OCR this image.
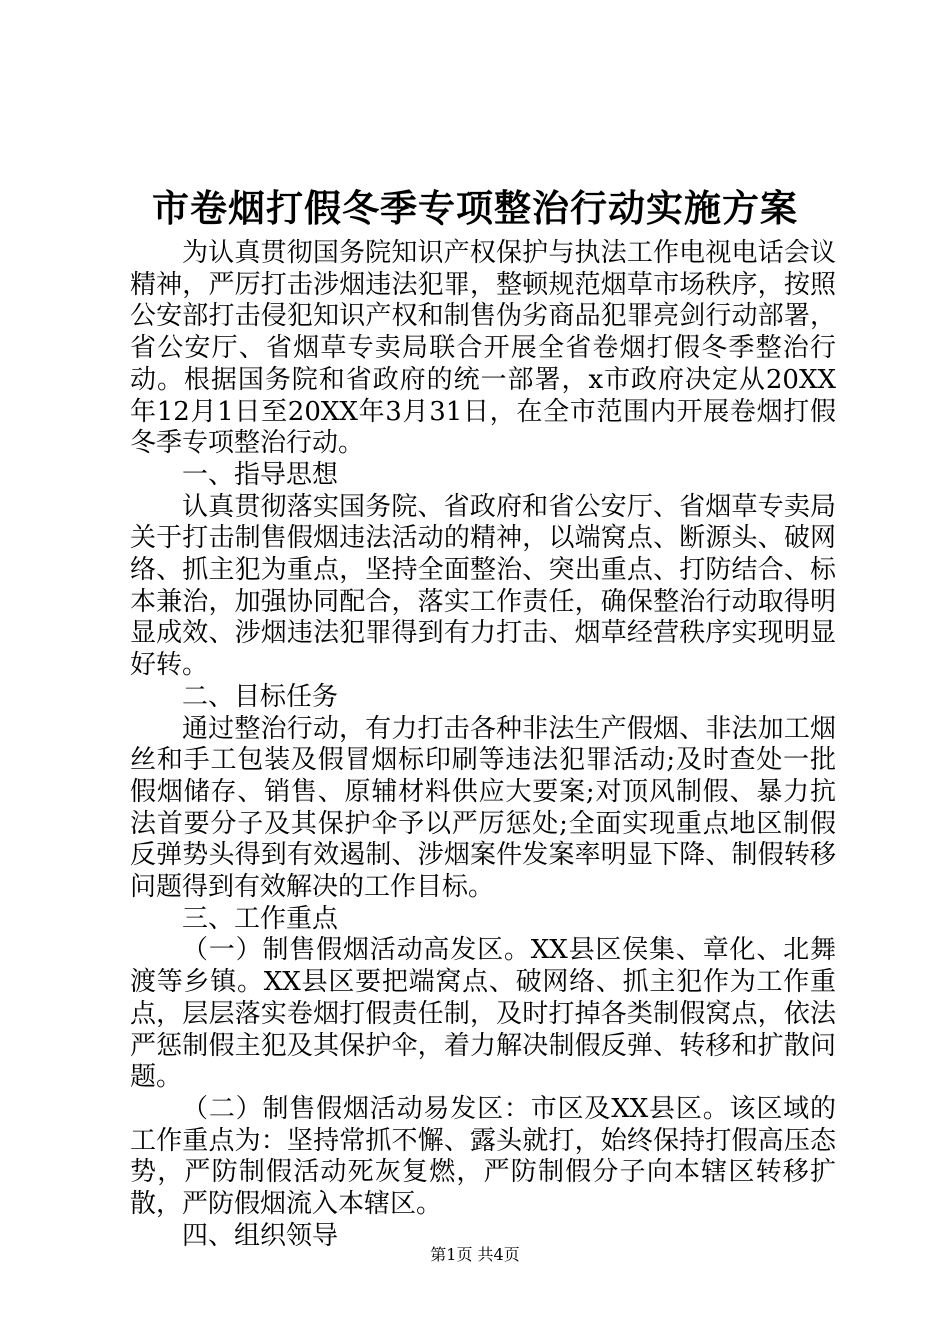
市卷烟打假冬季专项整治行动实施方案

为认真贯彻国务院知识产权保护与执法工作电视电话会议精神，严厉打击涉烟违法犯罪，整顿规范烟草市场秩序，按照公安部打击侵犯知识产权和制售伪劣商品犯罪亮剑行动部署，省公安厅、省烟草专卖局联合开展全省卷烟打假冬季整治行动。根据国务院和省政府的统一部署，x市政府决定从20XX年12月1日至20XX年3月31日，在全市范围内开展卷烟打假冬季专项整治行动。

一、指导思想

认真贯彻落实国务院、省政府和省公安厅、省烟草专卖局关于打击制售假烟违法活动的精神，以端窝点、断源头、破网络、抓主犯为重点，坚持全面整治、突出重点、打防结合、标本兼治，加强协同配合，落实工作责任，确保整治行动取得明显成效、涉烟违法犯罪得到有力打击、烟草经营秩序实现明显好转。

二、目标任务

通过整治行动，有力打击各种非法生产假烟、非法加工烟丝和手工包装及假冒烟标印刷等违法犯罪活动;及时查处一批假烟储存、销售、原辅材料供应大要案;对顶风制假、暴力抗法首要分子及其保护伞予以严厉惩处;全面实现重点地区制假反弹势头得到有效遏制、涉烟案件发案率明显下降、制假转移问题得到有效解决的工作目标。

三、工作重点

（一）制售假烟活动高发区。XX县区侯集、章化、北舞渡等乡镇。XX县区要把端窝点、破网络、抓主犯作为工作重点，层层落实卷烟打假责任制，及时打掉各类制假窝点，依法严惩制假主犯及其保护伞，着力解决制假反弹、转移和扩散问题。

（二）制售假烟活动易发区：市区及XX县区。该区域的工作重点为：坚持常抓不懈、露头就打，始终保持打假高压态势，严防制假活动死灰复燃，严防制假分子向本辖区转移扩散，严防假烟流入本辖区。

四、组织领导

第1页 共4页
